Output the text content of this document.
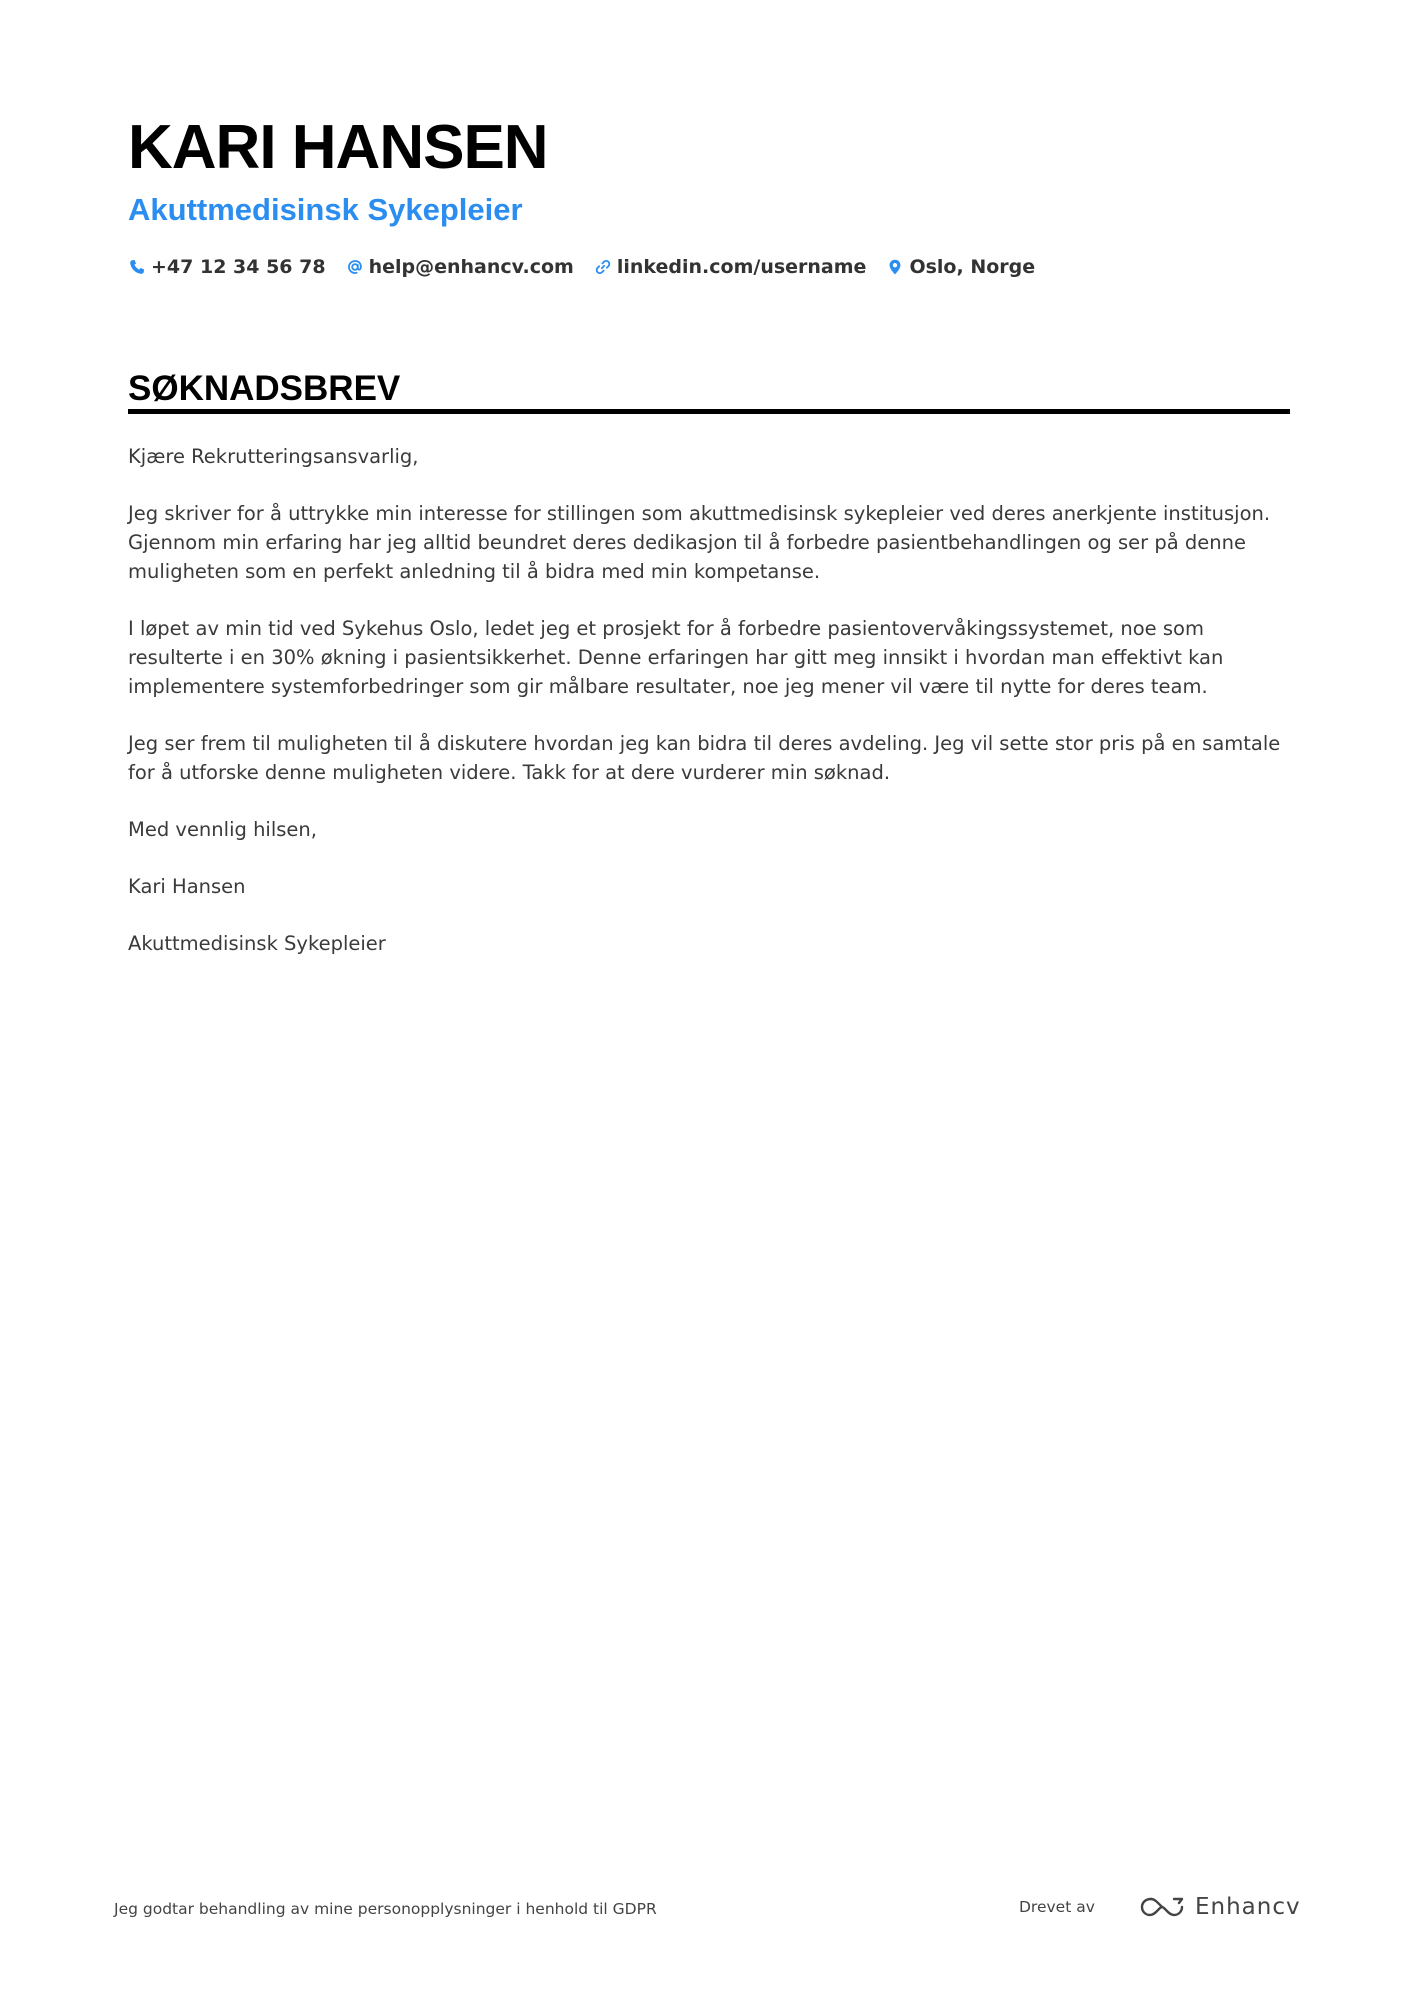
KARI HANSEN
Akuttmedisinsk Sykepleier
+47 12 34 56 78 help@enhancv.com linkedin.com/username Oslo, Norge
SØKNADSBREV

Kjære Rekrutteringsansvarlig,

Jeg skriver for å uttrykke min interesse for stillingen som akuttmedisinsk sykepleier ved deres anerkjente institusjon. Gjennom min erfaring har jeg alltid beundret deres dedikasjon til å forbedre pasientbehandlingen og ser på denne muligheten som en perfekt anledning til å bidra med min kompetanse.

I løpet av min tid ved Sykehus Oslo, ledet jeg et prosjekt for å forbedre pasientovervåkingssystemet, noe som resulterte i en 30% økning i pasientsikkerhet. Denne erfaringen har gitt meg innsikt i hvordan man effektivt kan implementere systemforbedringer som gir målbare resultater, noe jeg mener vil være til nytte for deres team.

Jeg ser frem til muligheten til å diskutere hvordan jeg kan bidra til deres avdeling. Jeg vil sette stor pris på en samtale for å utforske denne muligheten videre. Takk for at dere vurderer min søknad.

Med vennlig hilsen,

Kari Hansen

Akuttmedisinsk Sykepleier

Jeg godtar behandling av mine personopplysninger i henhold til GDPR	Drevet av	Enhancv
